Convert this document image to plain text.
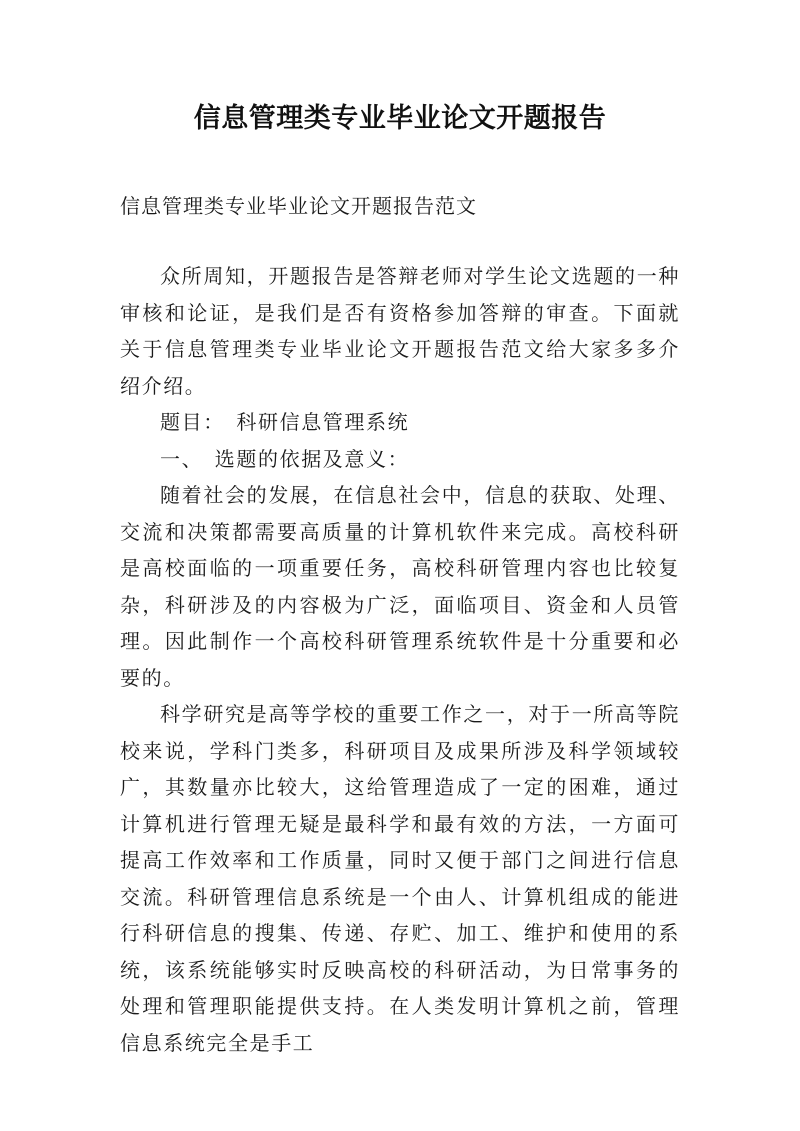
信息管理类专业毕业论文开题报告
信息管理类专业毕业论文开题报告范文

众所周知，开题报告是答辩老师对学生论文选题的一种审核和论证，是我们是否有资格参加答辩的审查。下面就关于信息管理类专业毕业论文开题报告范文给大家多多介绍介绍。

题目：　科研信息管理系统

一、　选题的依据及意义：

随着社会的发展，在信息社会中，信息的获取、处理、交流和决策都需要高质量的计算机软件来完成。高校科研是高校面临的一项重要任务，高校科研管理内容也比较复杂，科研涉及的内容极为广泛，面临项目、资金和人员管理。因此制作一个高校科研管理系统软件是十分重要和必要的。

科学研究是高等学校的重要工作之一，对于一所高等院校来说，学科门类多，科研项目及成果所涉及科学领域较广，其数量亦比较大，这给管理造成了一定的困难，通过计算机进行管理无疑是最科学和最有效的方法，一方面可提高工作效率和工作质量，同时又便于部门之间进行信息交流。科研管理信息系统是一个由人、计算机组成的能进行科研信息的搜集、传递、存贮、加工、维护和使用的系统，该系统能够实时反映高校的科研活动，为日常事务的处理和管理职能提供支持。在人类发明计算机之前，管理信息系统完全是手工
